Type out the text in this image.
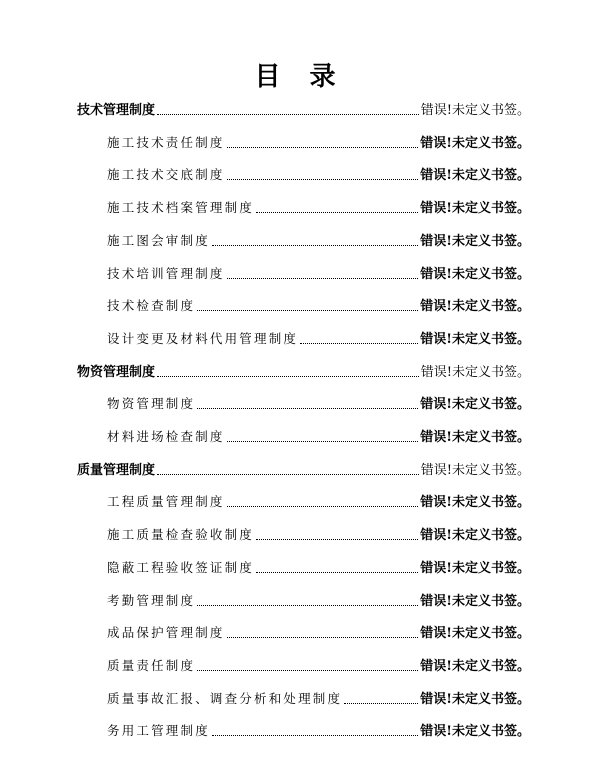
目 录
技术管理制度	错误!未定义书签。
施工技术责任制度	错误!未定义书签。
施工技术交底制度	错误!未定义书签。
施工技术档案管理制度	错误!未定义书签。
施工图会审制度	错误!未定义书签。
技术培训管理制度	错误!未定义书签。
技术检查制度	错误!未定义书签。
设计变更及材料代用管理制度	错误!未定义书签。
物资管理制度	错误!未定义书签。
物资管理制度	错误!未定义书签。
材料进场检查制度	错误!未定义书签。
质量管理制度	错误!未定义书签。
工程质量管理制度	错误!未定义书签。
施工质量检查验收制度	错误!未定义书签。
隐蔽工程验收签证制度	错误!未定义书签。
考勤管理制度	错误!未定义书签。
成品保护管理制度	错误!未定义书签。
质量责任制度	错误!未定义书签。
质量事故汇报、调查分析和处理制度	错误!未定义书签。
务用工管理制度	错误!未定义书签。
